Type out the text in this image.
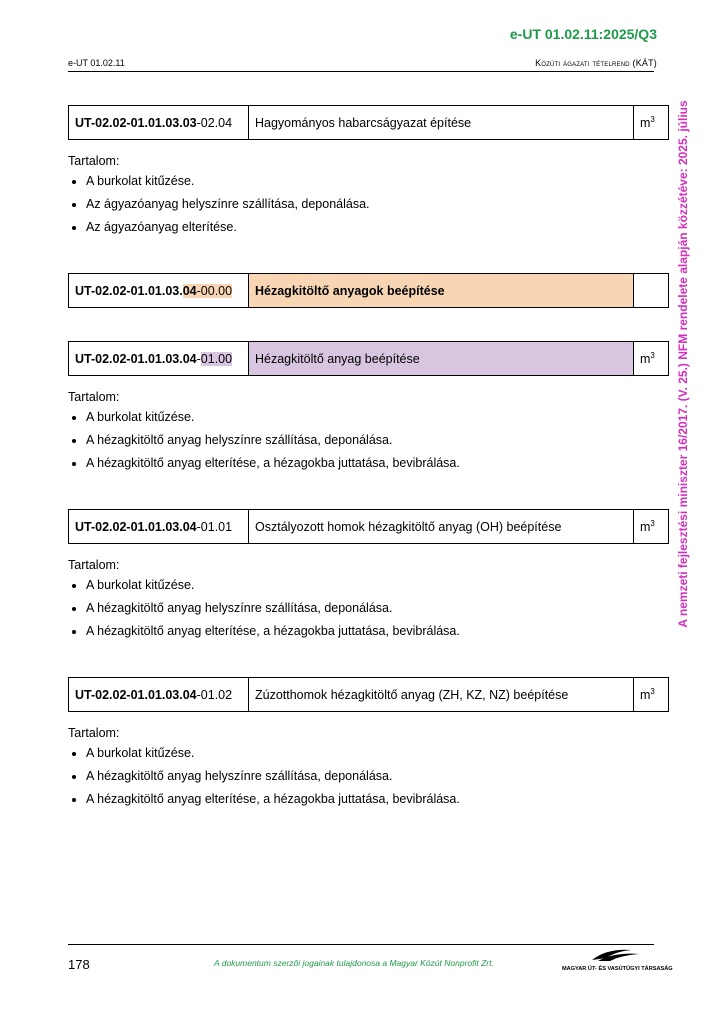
e-UT 01.02.11:2025/Q3
e-UT 01.02.11	Közúti ágazati tételrend (KÁT)
A nemzeti fejlesztési miniszter 16/2017. (V. 25.) NFM rendelete alapján közzétéve: 2025. július
UT-02.02-01.01.03.03-02.04	Hagyományos habarcságyazat építése	$m^3$
Tartalom:
• A burkolat kitűzése.
• Az ágyazóanyag helyszínre szállítása, deponálása.
• Az ágyazóanyag elterítése.
UT-02.02-01.01.03.04-00.00	Hézagkitöltő anyagok beépítése	
UT-02.02-01.01.03.04-01.00	Hézagkitöltő anyag beépítése	$m^3$
Tartalom:
• A burkolat kitűzése.
• A hézagkitöltő anyag helyszínre szállítása, deponálása.
• A hézagkitöltő anyag elterítése, a hézagokba juttatása, bevibrálása.
UT-02.02-01.01.03.04-01.01	Osztályozott homok hézagkitöltő anyag (OH) beépítése	$m^3$
Tartalom:
• A burkolat kitűzése.
• A hézagkitöltő anyag helyszínre szállítása, deponálása.
• A hézagkitöltő anyag elterítése, a hézagokba juttatása, bevibrálása.
UT-02.02-01.01.03.04-01.02	Zúzotthomok hézagkitöltő anyag (ZH, KZ, NZ) beépítése	$m^3$
Tartalom:
• A burkolat kitűzése.
• A hézagkitöltő anyag helyszínre szállítása, deponálása.
• A hézagkitöltő anyag elterítése, a hézagokba juttatása, bevibrálása.
178	A dokumentum szerzői jogainak tulajdonosa a Magyar Közút Nonprofit Zrt.
MAGYAR ÚT- ÉS VASÚTÜGYI TÁRSASÁG
